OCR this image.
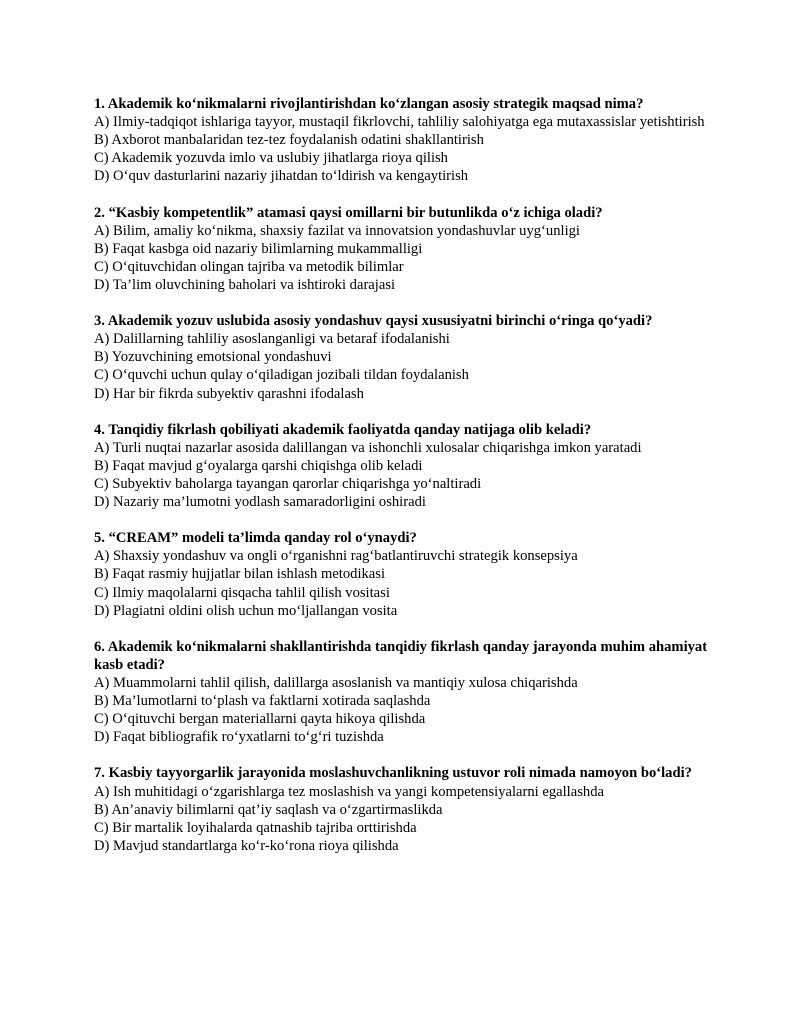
1. Akademik ko‘nikmalarni rivojlantirishdan ko‘zlangan asosiy strategik maqsad nima?

A) Ilmiy-tadqiqot ishlariga tayyor, mustaqil fikrlovchi, tahliliy salohiyatga ega mutaxassislar yetishtirish

B) Axborot manbalaridan tez-tez foydalanish odatini shakllantirish

C) Akademik yozuvda imlo va uslubiy jihatlarga rioya qilish

D) O‘quv dasturlarini nazariy jihatdan to‘ldirish va kengaytirish

2. “Kasbiy kompetentlik” atamasi qaysi omillarni bir butunlikda o‘z ichiga oladi?

A) Bilim, amaliy ko‘nikma, shaxsiy fazilat va innovatsion yondashuvlar uyg‘unligi

B) Faqat kasbga oid nazariy bilimlarning mukammalligi

C) O‘qituvchidan olingan tajriba va metodik bilimlar

D) Ta’lim oluvchining baholari va ishtiroki darajasi

3. Akademik yozuv uslubida asosiy yondashuv qaysi xususiyatni birinchi o‘ringa qo‘yadi?

A) Dalillarning tahliliy asoslanganligi va betaraf ifodalanishi

B) Yozuvchining emotsional yondashuvi

C) O‘quvchi uchun qulay o‘qiladigan jozibali tildan foydalanish

D) Har bir fikrda subyektiv qarashni ifodalash

4. Tanqidiy fikrlash qobiliyati akademik faoliyatda qanday natijaga olib keladi?

A) Turli nuqtai nazarlar asosida dalillangan va ishonchli xulosalar chiqarishga imkon yaratadi

B) Faqat mavjud g‘oyalarga qarshi chiqishga olib keladi

C) Subyektiv baholarga tayangan qarorlar chiqarishga yo‘naltiradi

D) Nazariy ma’lumotni yodlash samaradorligini oshiradi

5. “CREAM” modeli ta’limda qanday rol o‘ynaydi?

A) Shaxsiy yondashuv va ongli o‘rganishni rag‘batlantiruvchi strategik konsepsiya

B) Faqat rasmiy hujjatlar bilan ishlash metodikasi

C) Ilmiy maqolalarni qisqacha tahlil qilish vositasi

D) Plagiatni oldini olish uchun mo‘ljallangan vosita

6. Akademik ko‘nikmalarni shakllantirishda tanqidiy fikrlash qanday jarayonda muhim ahamiyat kasb etadi?

A) Muammolarni tahlil qilish, dalillarga asoslanish va mantiqiy xulosa chiqarishda

B) Ma’lumotlarni to‘plash va faktlarni xotirada saqlashda

C) O‘qituvchi bergan materiallarni qayta hikoya qilishda

D) Faqat bibliografik ro‘yxatlarni to‘g‘ri tuzishda

7. Kasbiy tayyorgarlik jarayonida moslashuvchanlikning ustuvor roli nimada namoyon bo‘ladi?

A) Ish muhitidagi o‘zgarishlarga tez moslashish va yangi kompetensiyalarni egallashda

B) An’anaviy bilimlarni qat’iy saqlash va o‘zgartirmaslikda

C) Bir martalik loyihalarda qatnashib tajriba orttirishda

D) Mavjud standartlarga ko‘r-ko‘rona rioya qilishda
